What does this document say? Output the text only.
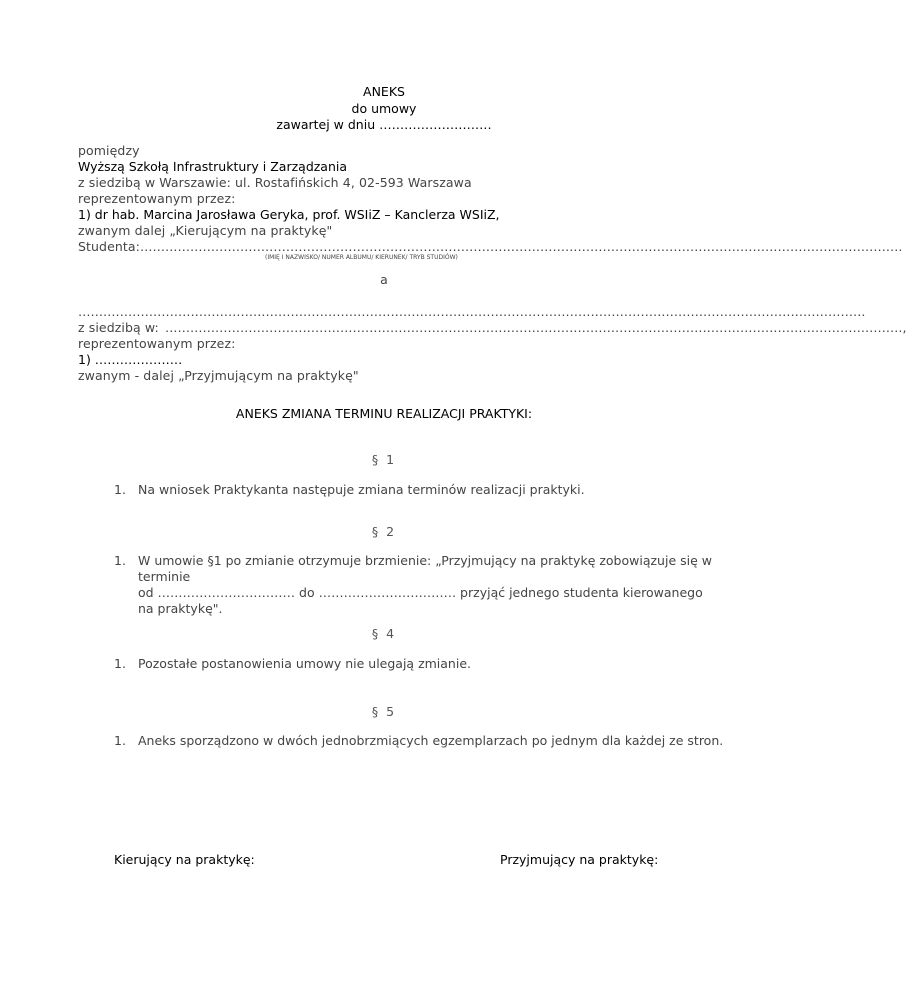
ANEKS
do umowy
zawartej w dniu ………………………
pomiędzy
Wyższą Szkołą Infrastruktury i Zarządzania
z siedzibą w Warszawie: ul. Rostafińskich 4, 02-593 Warszawa
reprezentowanym przez:
1) dr hab. Marcina Jarosława Geryka, prof. WSIiZ – Kanclerza WSIiZ,
zwanym dalej „Kierującym na praktykę"
Studenta: …………………………………………………………………………………………………………………………………………………………………
(IMIĘ I NAZWISKO/ NUMER ALBUMU/ KIERUNEK/ TRYB STUDIÓW)
a
………………………………………………………………………………………………………………………………………………………………………
z siedzibą w: ……………………………………………………………………………………………………………………………………………………………,
reprezentowanym przez:
1) …………………
zwanym - dalej „Przyjmującym na praktykę"
ANEKS ZMIANA TERMINU REALIZACJI PRAKTYKI:
§ 1
1. Na wniosek Praktykanta następuje zmiana terminów realizacji praktyki.
§ 2
1. W umowie §1 po zmianie otrzymuje brzmienie: „Przyjmujący na praktykę zobowiązuje się w terminie
od …………………………… do …………………………… przyjąć jednego studenta kierowanego
na praktykę".
§ 4
1. Pozostałe postanowienia umowy nie ulegają zmianie.
§ 5
1. Aneks sporządzono w dwóch jednobrzmiących egzemplarzach po jednym dla każdej ze stron.
Kierujący na praktykę:	Przyjmujący na praktykę:
